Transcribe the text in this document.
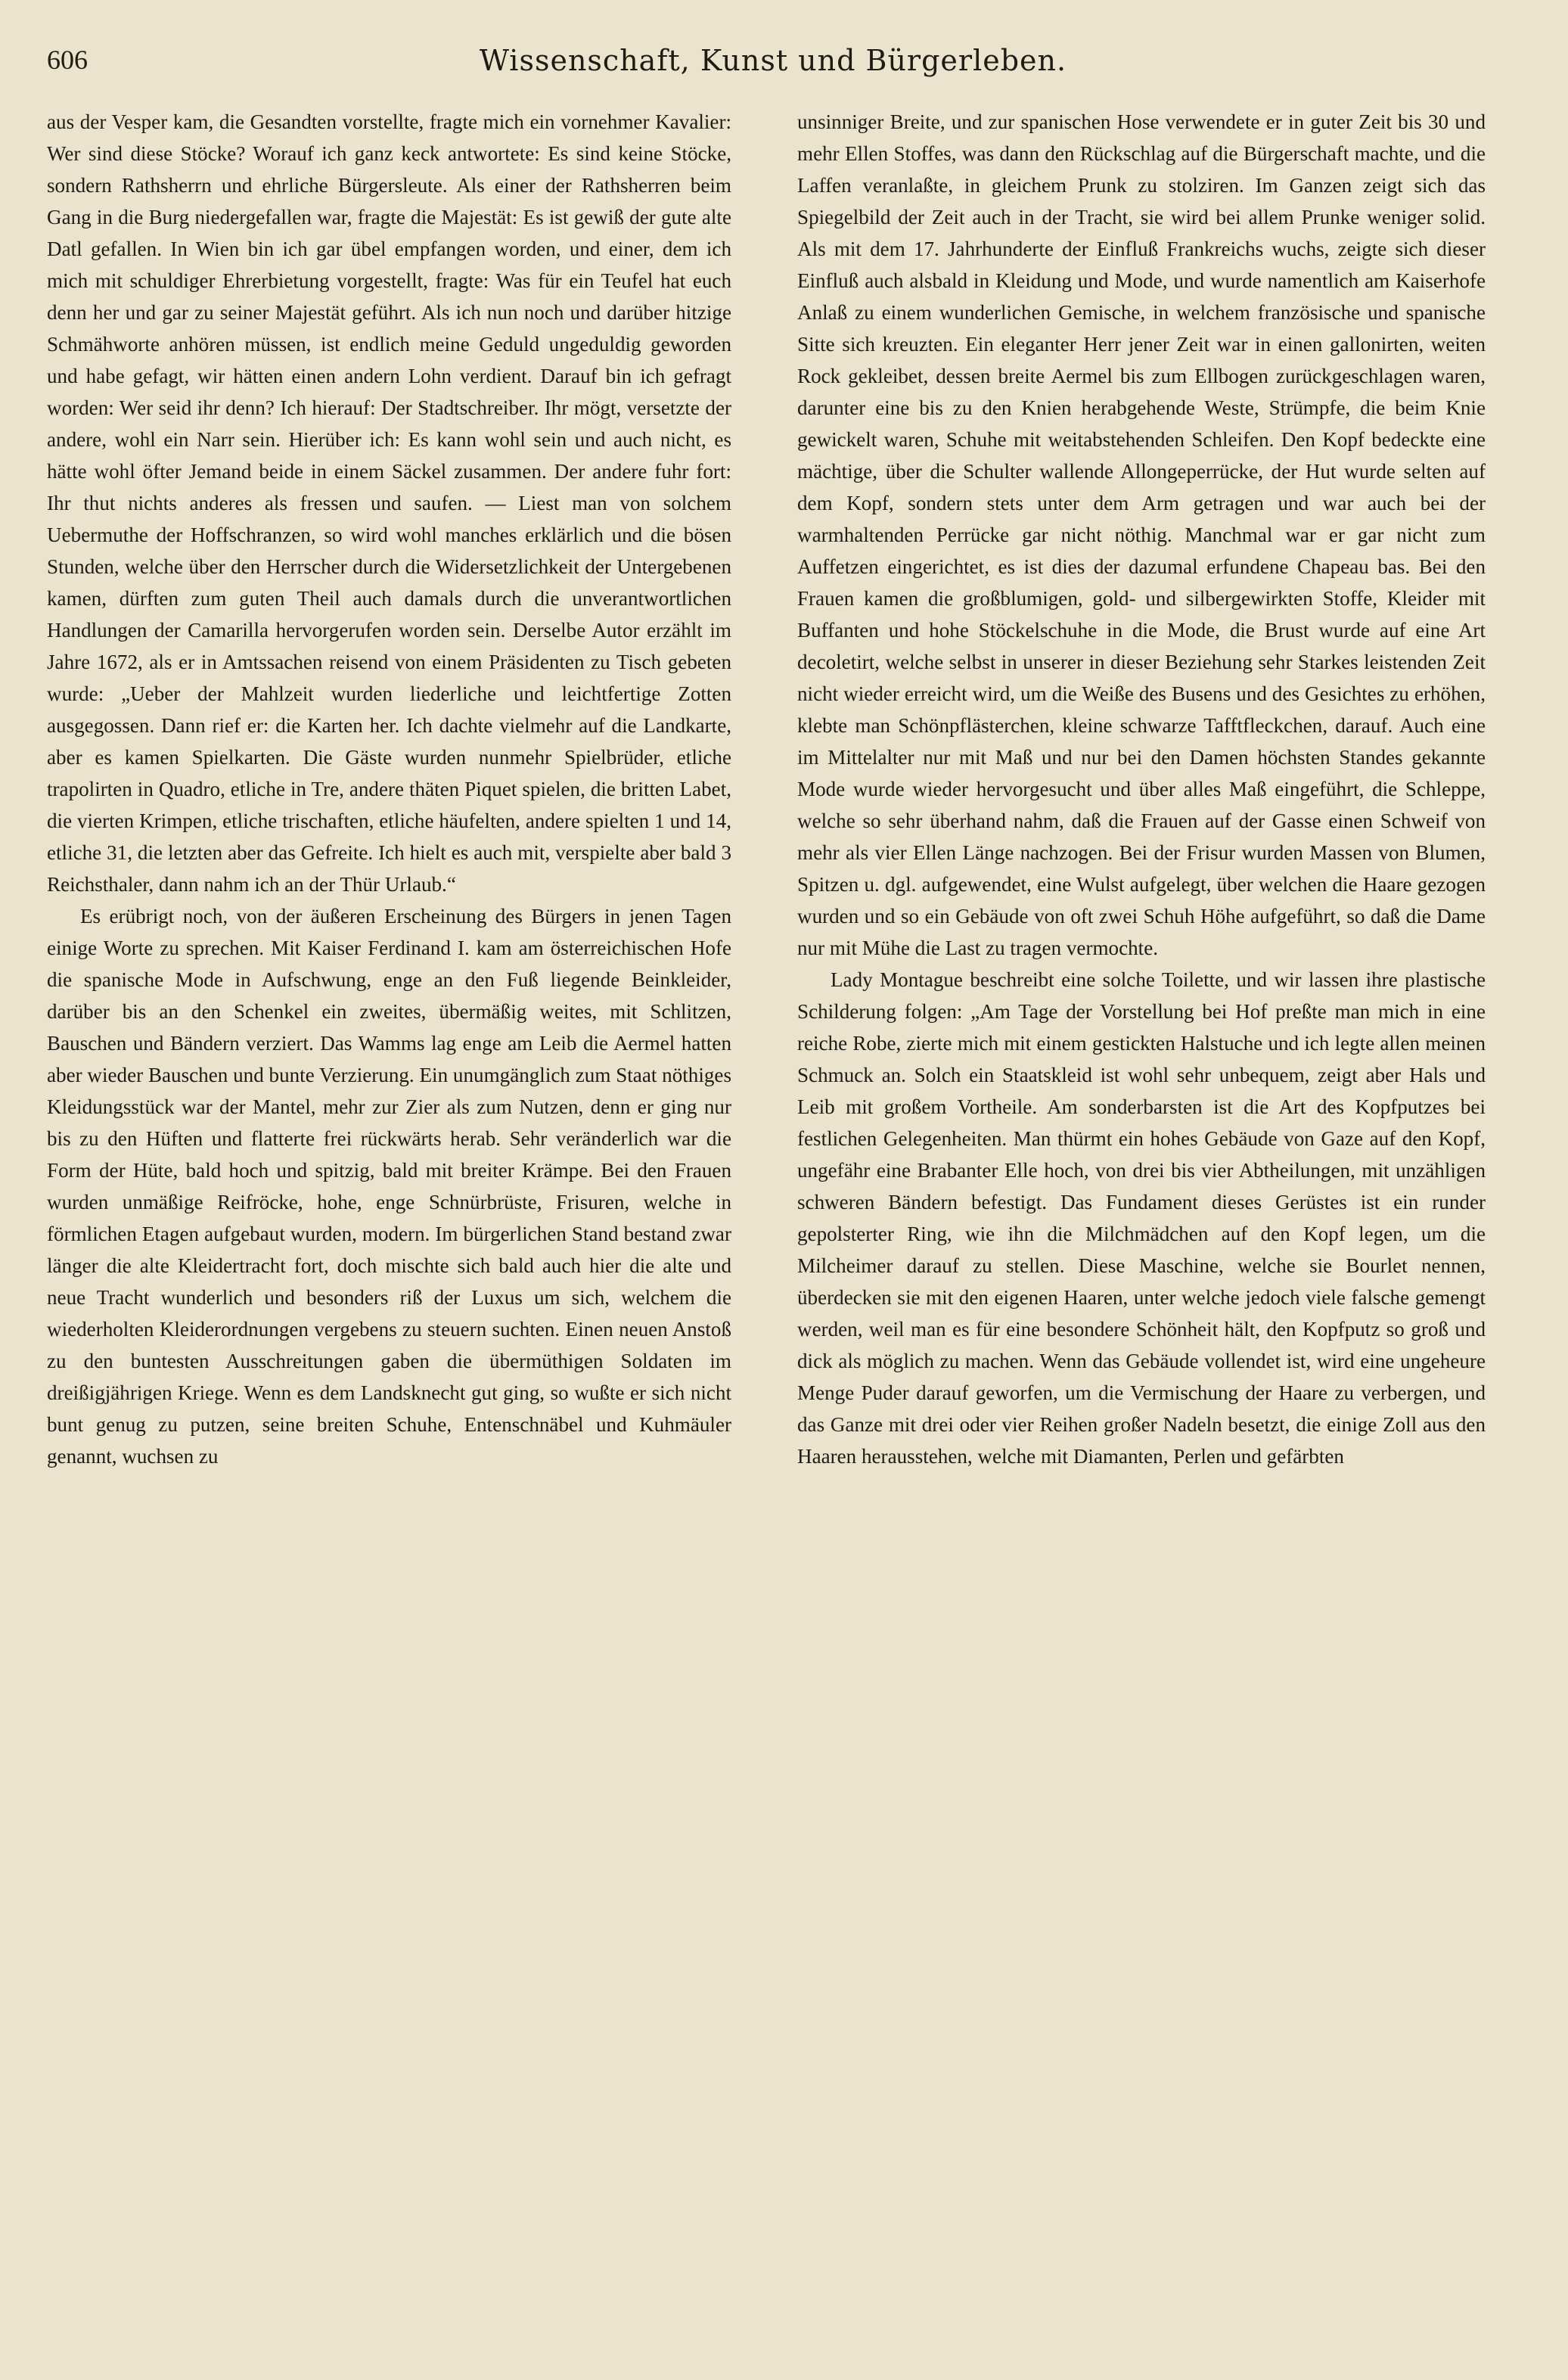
606	Wissenschaft, Kunst und Bürgerleben.

aus der Vesper kam, die Gesandten vorstellte, fragte mich ein vornehmer Kavalier: Wer sind diese Stöcke? Worauf ich ganz keck antwortete: Es sind keine Stöcke, sondern Rathsherrn und ehrliche Bürgersleute. Als einer der Rathsherren beim Gang in die Burg niedergefallen war, fragte die Majestät: Es ist gewiß der gute alte Datl gefallen. In Wien bin ich gar übel empfangen worden, und einer, dem ich mich mit schuldiger Ehrerbietung vorgestellt, fragte: Was für ein Teufel hat euch denn her und gar zu seiner Majestät geführt. Als ich nun noch und darüber hitzige Schmähworte anhören müssen, ist endlich meine Geduld ungeduldig geworden und habe gefagt, wir hätten einen andern Lohn verdient. Darauf bin ich gefragt worden: Wer seid ihr denn? Ich hierauf: Der Stadtschreiber. Ihr mögt, versetzte der andere, wohl ein Narr sein. Hierüber ich: Es kann wohl sein und auch nicht, es hätte wohl öfter Jemand beide in einem Säckel zusammen. Der andere fuhr fort: Ihr thut nichts anderes als fressen und saufen. — Liest man von solchem Uebermuthe der Hoffschranzen, so wird wohl manches erklärlich und die bösen Stunden, welche über den Herrscher durch die Widersetzlichkeit der Untergebenen kamen, dürften zum guten Theil auch damals durch die unverantwortlichen Handlungen der Camarilla hervorgerufen worden sein. Derselbe Autor erzählt im Jahre 1672, als er in Amtssachen reisend von einem Präsidenten zu Tisch gebeten wurde: „Ueber der Mahlzeit wurden liederliche und leichtfertige Zotten ausgegossen. Dann rief er: die Karten her. Ich dachte vielmehr auf die Landkarte, aber es kamen Spielkarten. Die Gäste wurden nunmehr Spielbrüder, etliche trapolirten in Quadro, etliche in Tre, andere thäten Piquet spielen, die britten Labet, die vierten Krimpen, etliche trischaften, etliche häufelten, andere spielten 1 und 14, etliche 31, die letzten aber das Gefreite. Ich hielt es auch mit, verspielte aber bald 3 Reichsthaler, dann nahm ich an der Thür Urlaub.“

Es erübrigt noch, von der äußeren Erscheinung des Bürgers in jenen Tagen einige Worte zu sprechen. Mit Kaiser Ferdinand I. kam am österreichischen Hofe die spanische Mode in Aufschwung, enge an den Fuß liegende Beinkleider, darüber bis an den Schenkel ein zweites, übermäßig weites, mit Schlitzen, Bauschen und Bändern verziert. Das Wamms lag enge am Leib die Aermel hatten aber wieder Bauschen und bunte Verzierung. Ein unumgänglich zum Staat nöthiges Kleidungsstück war der Mantel, mehr zur Zier als zum Nutzen, denn er ging nur bis zu den Hüften und flatterte frei rückwärts herab. Sehr veränderlich war die Form der Hüte, bald hoch und spitzig, bald mit breiter Krämpe. Bei den Frauen wurden unmäßige Reifröcke, hohe, enge Schnürbrüste, Frisuren, welche in förmlichen Etagen aufgebaut wurden, modern. Im bürgerlichen Stand bestand zwar länger die alte Kleidertracht fort, doch mischte sich bald auch hier die alte und neue Tracht wunderlich und besonders riß der Luxus um sich, welchem die wiederholten Kleiderordnungen vergebens zu steuern suchten. Einen neuen Anstoß zu den buntesten Ausschreitungen gaben die übermüthigen Soldaten im dreißigjährigen Kriege. Wenn es dem Landsknecht gut ging, so wußte er sich nicht bunt genug zu putzen, seine breiten Schuhe, Entenschnäbel und Kuhmäuler genannt, wuchsen zu

unsinniger Breite, und zur spanischen Hose verwendete er in guter Zeit bis 30 und mehr Ellen Stoffes, was dann den Rückschlag auf die Bürgerschaft machte, und die Laffen veranlaßte, in gleichem Prunk zu stolziren. Im Ganzen zeigt sich das Spiegelbild der Zeit auch in der Tracht, sie wird bei allem Prunke weniger solid. Als mit dem 17. Jahrhunderte der Einfluß Frankreichs wuchs, zeigte sich dieser Einfluß auch alsbald in Kleidung und Mode, und wurde namentlich am Kaiserhofe Anlaß zu einem wunderlichen Gemische, in welchem französische und spanische Sitte sich kreuzten. Ein eleganter Herr jener Zeit war in einen gallonirten, weiten Rock gekleibet, dessen breite Aermel bis zum Ellbogen zurückgeschlagen waren, darunter eine bis zu den Knien herabgehende Weste, Strümpfe, die beim Knie gewickelt waren, Schuhe mit weitabstehenden Schleifen. Den Kopf bedeckte eine mächtige, über die Schulter wallende Allongeperrücke, der Hut wurde selten auf dem Kopf, sondern stets unter dem Arm getragen und war auch bei der warmhaltenden Perrücke gar nicht nöthig. Manchmal war er gar nicht zum Auffetzen eingerichtet, es ist dies der dazumal erfundene Chapeau bas. Bei den Frauen kamen die großblumigen, gold- und silbergewirkten Stoffe, Kleider mit Buffanten und hohe Stöckelschuhe in die Mode, die Brust wurde auf eine Art decoletirt, welche selbst in unserer in dieser Beziehung sehr Starkes leistenden Zeit nicht wieder erreicht wird, um die Weiße des Busens und des Gesichtes zu erhöhen, klebte man Schönpflästerchen, kleine schwarze Tafftfleckchen, darauf. Auch eine im Mittelalter nur mit Maß und nur bei den Damen höchsten Standes gekannte Mode wurde wieder hervorgesucht und über alles Maß eingeführt, die Schleppe, welche so sehr überhand nahm, daß die Frauen auf der Gasse einen Schweif von mehr als vier Ellen Länge nachzogen. Bei der Frisur wurden Massen von Blumen, Spitzen u. dgl. aufgewendet, eine Wulst aufgelegt, über welchen die Haare gezogen wurden und so ein Gebäude von oft zwei Schuh Höhe aufgeführt, so daß die Dame nur mit Mühe die Last zu tragen vermochte.

Lady Montague beschreibt eine solche Toilette, und wir lassen ihre plastische Schilderung folgen: „Am Tage der Vorstellung bei Hof preßte man mich in eine reiche Robe, zierte mich mit einem gestickten Halstuche und ich legte allen meinen Schmuck an. Solch ein Staatskleid ist wohl sehr unbequem, zeigt aber Hals und Leib mit großem Vortheile. Am sonderbarsten ist die Art des Kopfputzes bei festlichen Gelegenheiten. Man thürmt ein hohes Gebäude von Gaze auf den Kopf, ungefähr eine Brabanter Elle hoch, von drei bis vier Abtheilungen, mit unzähligen schweren Bändern befestigt. Das Fundament dieses Gerüstes ist ein runder gepolsterter Ring, wie ihn die Milchmädchen auf den Kopf legen, um die Milcheimer darauf zu stellen. Diese Maschine, welche sie Bourlet nennen, überdecken sie mit den eigenen Haaren, unter welche jedoch viele falsche gemengt werden, weil man es für eine besondere Schönheit hält, den Kopfputz so groß und dick als möglich zu machen. Wenn das Gebäude vollendet ist, wird eine ungeheure Menge Puder darauf geworfen, um die Vermischung der Haare zu verbergen, und das Ganze mit drei oder vier Reihen großer Nadeln besetzt, die einige Zoll aus den Haaren herausstehen, welche mit Diamanten, Perlen und gefärbten
